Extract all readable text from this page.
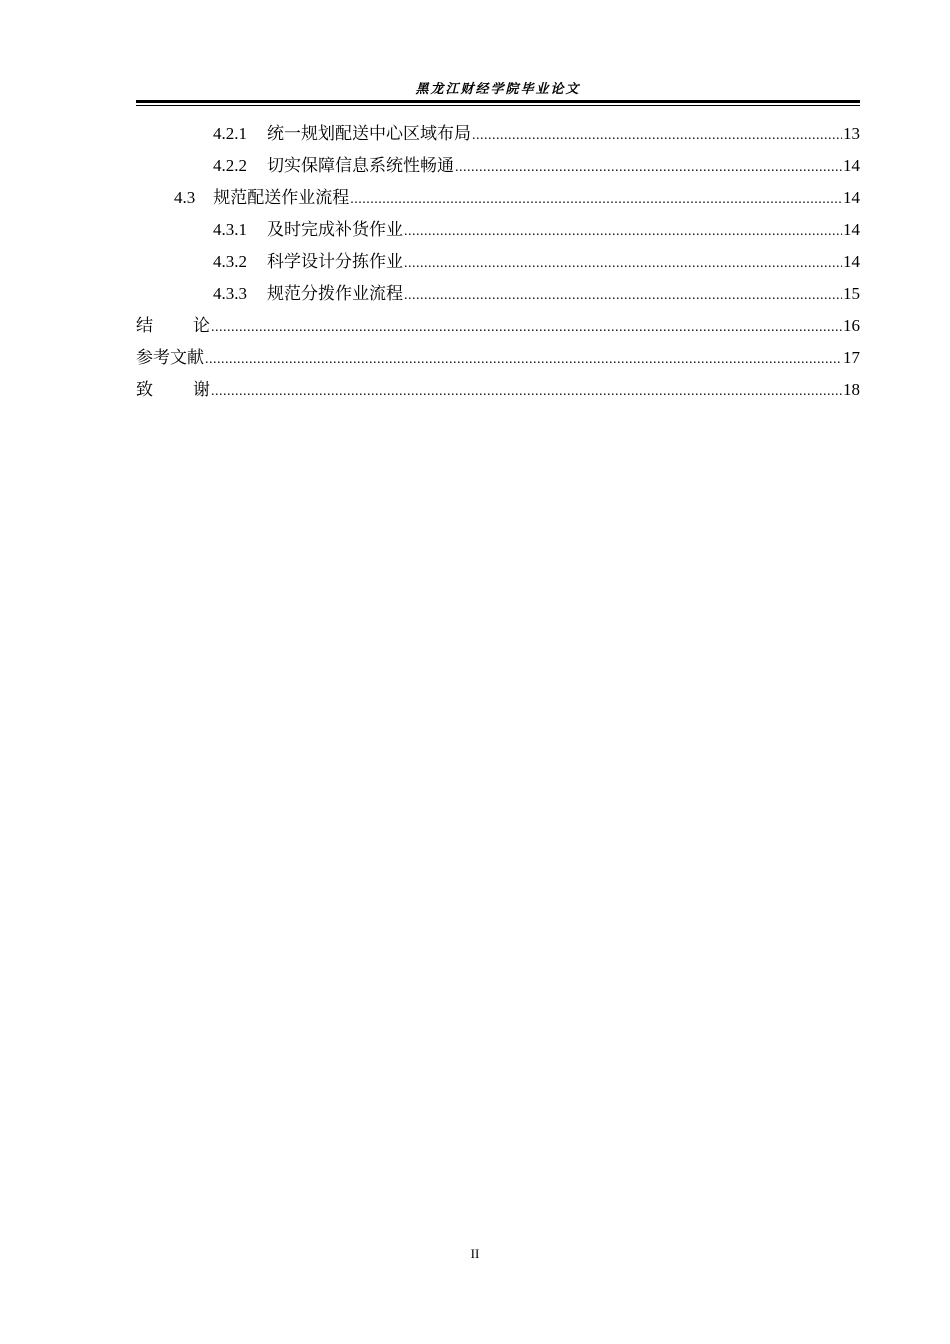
黑龙江财经学院毕业论文
4.2.1 统一规划配送中心区域布局 .....	13
4.2.2 切实保障信息系统性畅通 .....	14
4.3 规范配送作业流程 .....	14
4.3.1 及时完成补货作业 .....	14
4.3.2 科学设计分拣作业 .....	14
4.3.3 规范分拨作业流程 .....	15
结 论 .....	16
参考文献 .....	17
致 谢 .....	18
II
